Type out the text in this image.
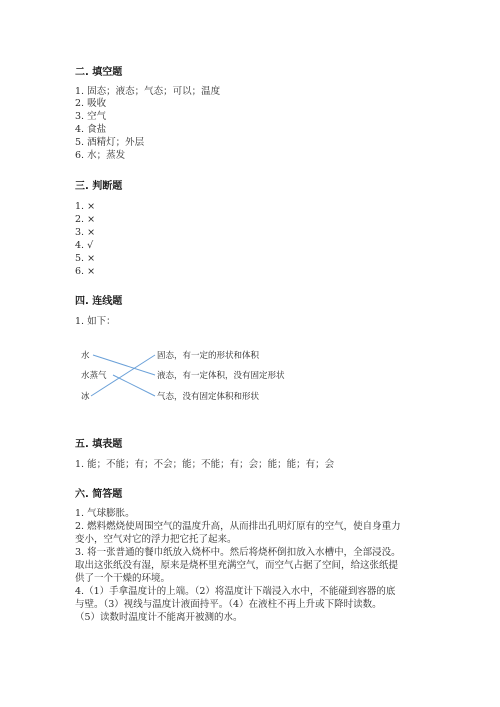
二. 填空题
1. 固态；液态；气态；可以；温度
2. 吸收
3. 空气
4. 食盐
5. 酒精灯；外层
6. 水；蒸发
三. 判断题
1. ×
2. ×
3. ×
4. √
5. ×
6. ×
四. 连线题
1. 如下：
水
水蒸气
冰
固态，有一定的形状和体积
液态，有一定体积，没有固定形状
气态，没有固定体积和形状
五. 填表题
1. 能；不能；有；不会；能；不能；有；会；能；能；有；会
六. 简答题
1. 气球膨胀。
2. 燃料燃烧使周围空气的温度升高，从而排出孔明灯原有的空气，使自身重力
变小，空气对它的浮力把它托了起来。
3. 将一张普通的餐巾纸放入烧杯中。然后将烧杯倒扣放入水槽中，全部浸没。
取出这张纸没有湿，原来是烧杯里充满空气，而空气占据了空间，给这张纸提
供了一个干燥的环境。
4.（1）手拿温度计的上端。（2）将温度计下端浸入水中，不能碰到容器的底
与壁。（3）视线与温度计液面持平。（4）在液柱不再上升或下降时读数。
（5）读数时温度计不能离开被测的水。
